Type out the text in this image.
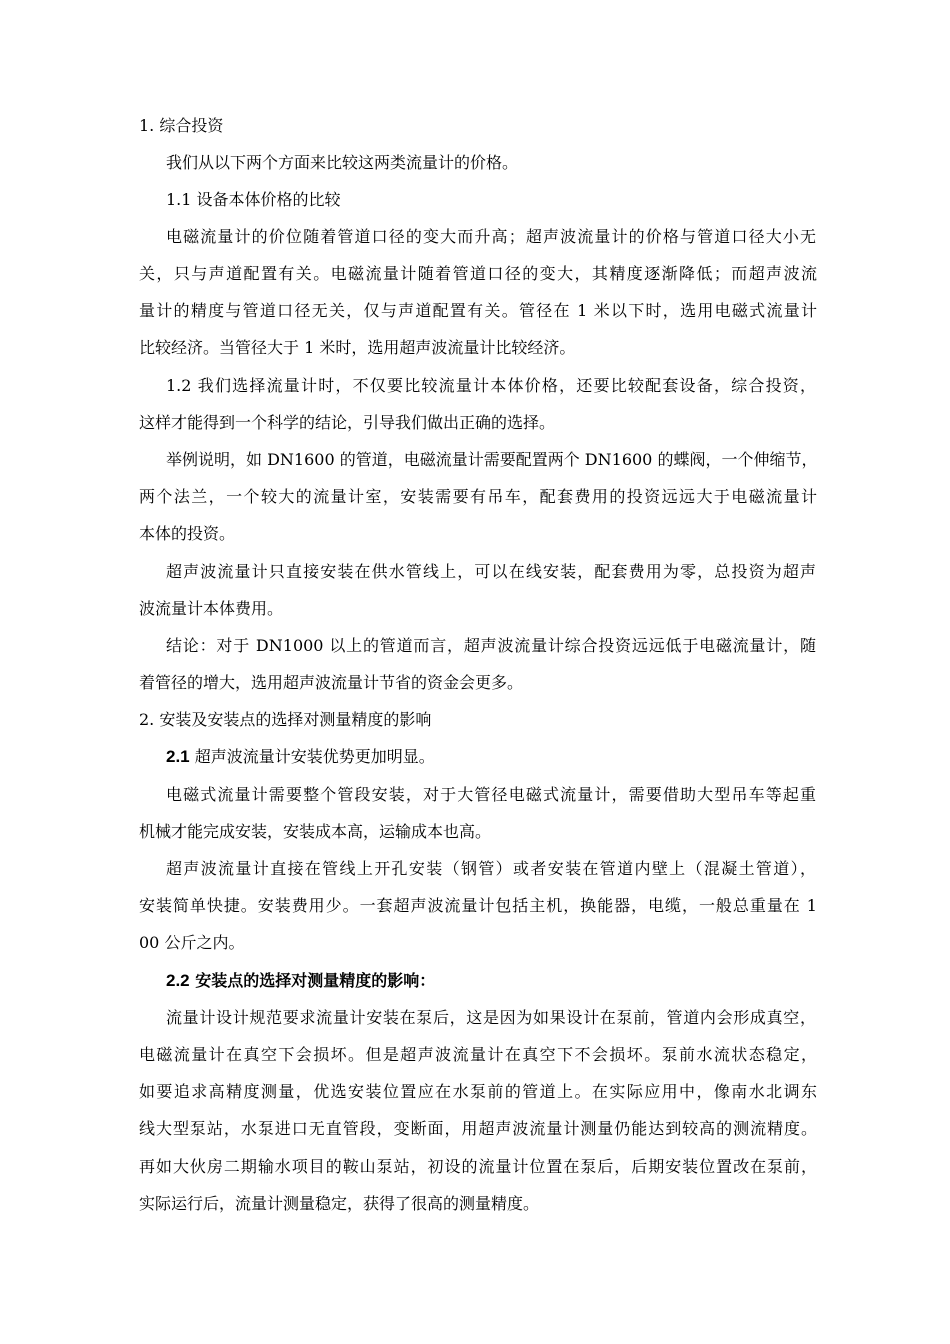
1. 综合投资
我们从以下两个方面来比较这两类流量计的价格。
1.1 设备本体价格的比较
电磁流量计的价位随着管道口径的变大而升高；超声波流量计的价格与管道口径大小无
关，只与声道配置有关。电磁流量计随着管道口径的变大，其精度逐渐降低；而超声波流
量计的精度与管道口径无关，仅与声道配置有关。管径在 1 米以下时，选用电磁式流量计
比较经济。当管径大于 1 米时，选用超声波流量计比较经济。
1.2 我们选择流量计时，不仅要比较流量计本体价格，还要比较配套设备，综合投资，
这样才能得到一个科学的结论，引导我们做出正确的选择。
举例说明，如 DN1600 的管道，电磁流量计需要配置两个 DN1600 的蝶阀，一个伸缩节，
两个法兰，一个较大的流量计室，安装需要有吊车，配套费用的投资远远大于电磁流量计
本体的投资。
超声波流量计只直接安装在供水管线上，可以在线安装，配套费用为零，总投资为超声
波流量计本体费用。
结论：对于 DN1000 以上的管道而言，超声波流量计综合投资远远低于电磁流量计，随
着管径的增大，选用超声波流量计节省的资金会更多。
2. 安装及安装点的选择对测量精度的影响
2.1 超声波流量计安装优势更加明显。
电磁式流量计需要整个管段安装，对于大管径电磁式流量计，需要借助大型吊车等起重
机械才能完成安装，安装成本高，运输成本也高。
超声波流量计直接在管线上开孔安装（钢管）或者安装在管道内壁上（混凝土管道），
安装简单快捷。安装费用少。一套超声波流量计包括主机，换能器，电缆，一般总重量在 1
00 公斤之内。
2.2 安装点的选择对测量精度的影响：
流量计设计规范要求流量计安装在泵后，这是因为如果设计在泵前，管道内会形成真空，
电磁流量计在真空下会损坏。但是超声波流量计在真空下不会损坏。泵前水流状态稳定，
如要追求高精度测量，优选安装位置应在水泵前的管道上。在实际应用中，像南水北调东
线大型泵站，水泵进口无直管段，变断面，用超声波流量计测量仍能达到较高的测流精度。
再如大伙房二期输水项目的鞍山泵站，初设的流量计位置在泵后，后期安装位置改在泵前，
实际运行后，流量计测量稳定，获得了很高的测量精度。
